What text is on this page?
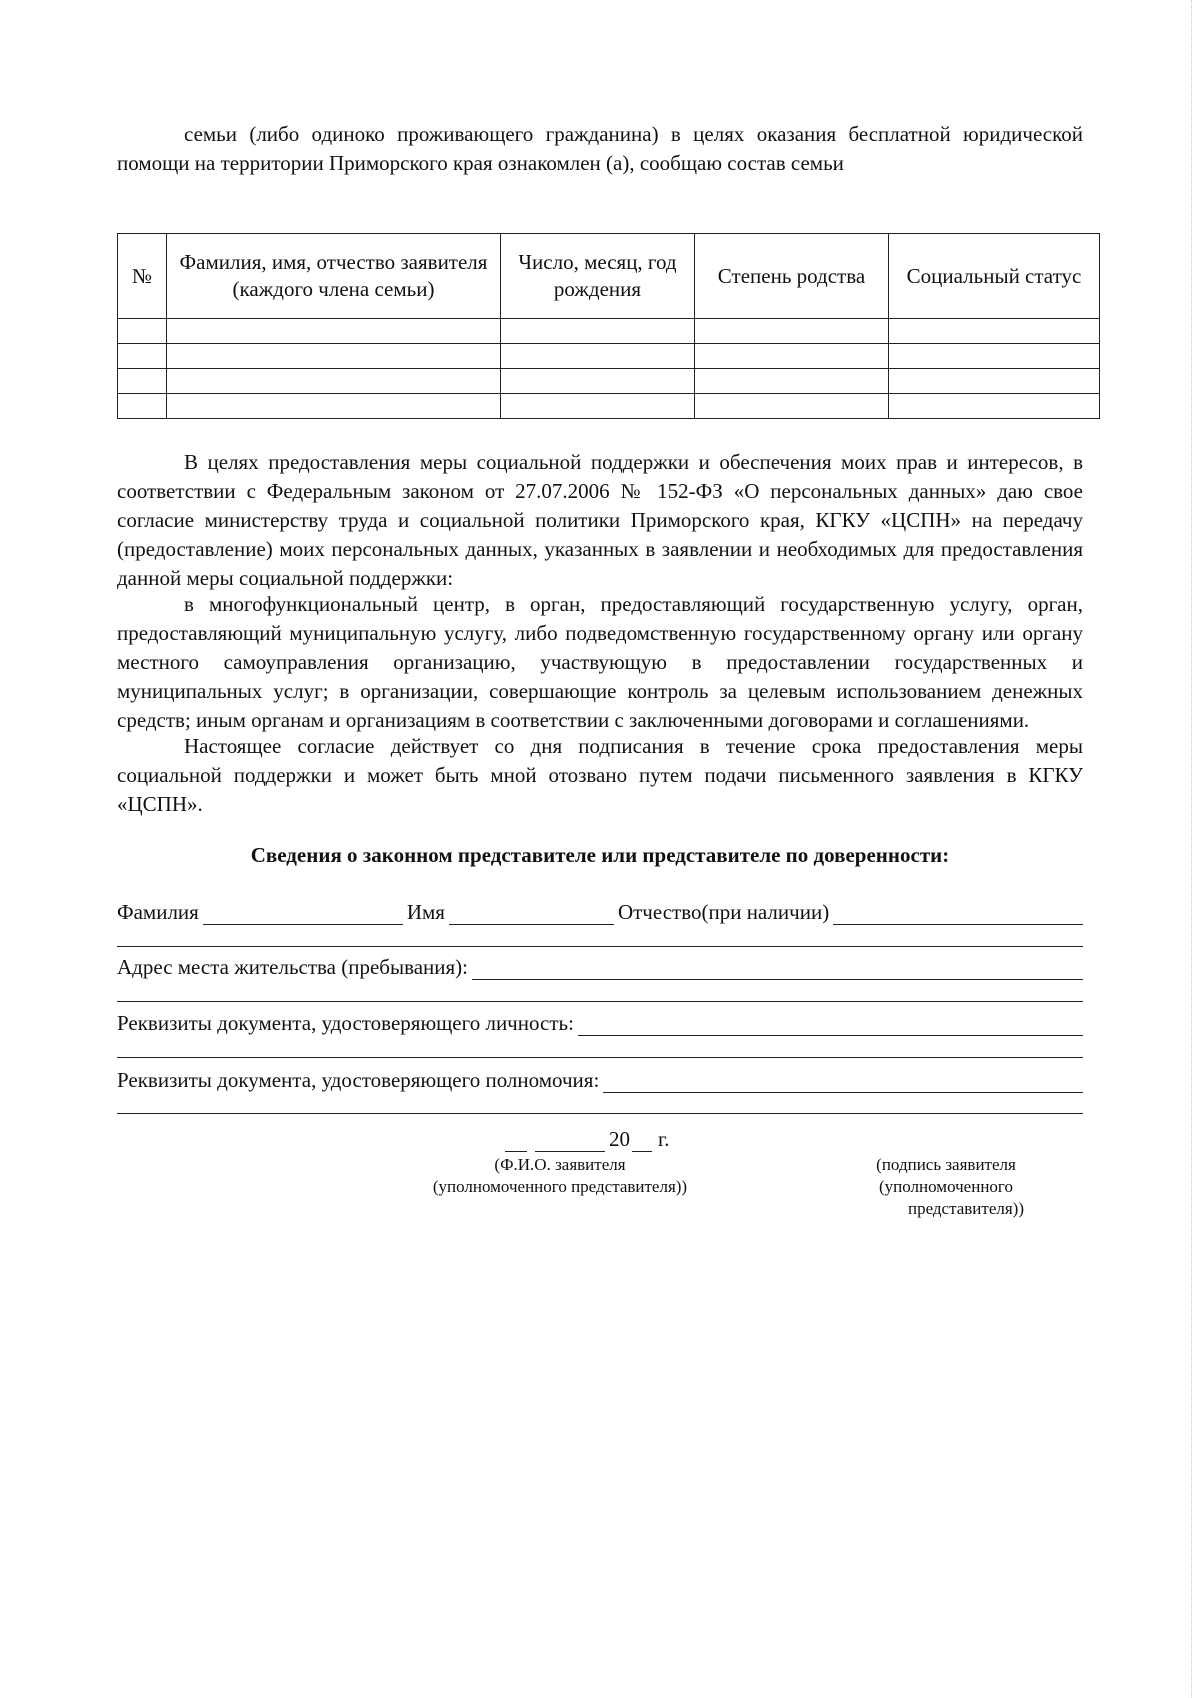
семьи (либо одиноко проживающего гражданина) в целях оказания бесплатной юридической помощи на территории Приморского края ознакомлен (а), сообщаю состав семьи
№	Фамилия, имя, отчество заявителя (каждого члена семьи)	Число, месяц, год рождения	Степень родства	Социальный статус

В целях предоставления меры социальной поддержки и обеспечения моих прав и интересов, в соответствии с Федеральным законом от 27.07.2006 № 152-ФЗ «О персональных данных» даю свое согласие министерству труда и социальной политики Приморского края, КГКУ «ЦСПН» на передачу (предоставление) моих персональных данных, указанных в заявлении и необходимых для предоставления данной меры социальной поддержки:
в многофункциональный центр, в орган, предоставляющий государственную услугу, орган, предоставляющий муниципальную услугу, либо подведомственную государственному органу или органу местного самоуправления организацию, участвующую в предоставлении государственных и муниципальных услуг; в организации, совершающие контроль за целевым использованием денежных средств; иным органам и организациям в соответствии с заключенными договорами и соглашениями.
Настоящее согласие действует со дня подписания в течение срока предоставления меры социальной поддержки и может быть мной отозвано путем подачи письменного заявления в КГКУ «ЦСПН».
Сведения о законном представителе или представителе по доверенности:
Фамилия	Имя	Отчество(при наличии)
Адрес места жительства (пребывания):
Реквизиты документа, удостоверяющего личность:
Реквизиты документа, удостоверяющего полномочия:
20 г.
(Ф.И.О. заявителя
(уполномоченного представителя))
(подпись заявителя
(уполномоченного
представителя))
